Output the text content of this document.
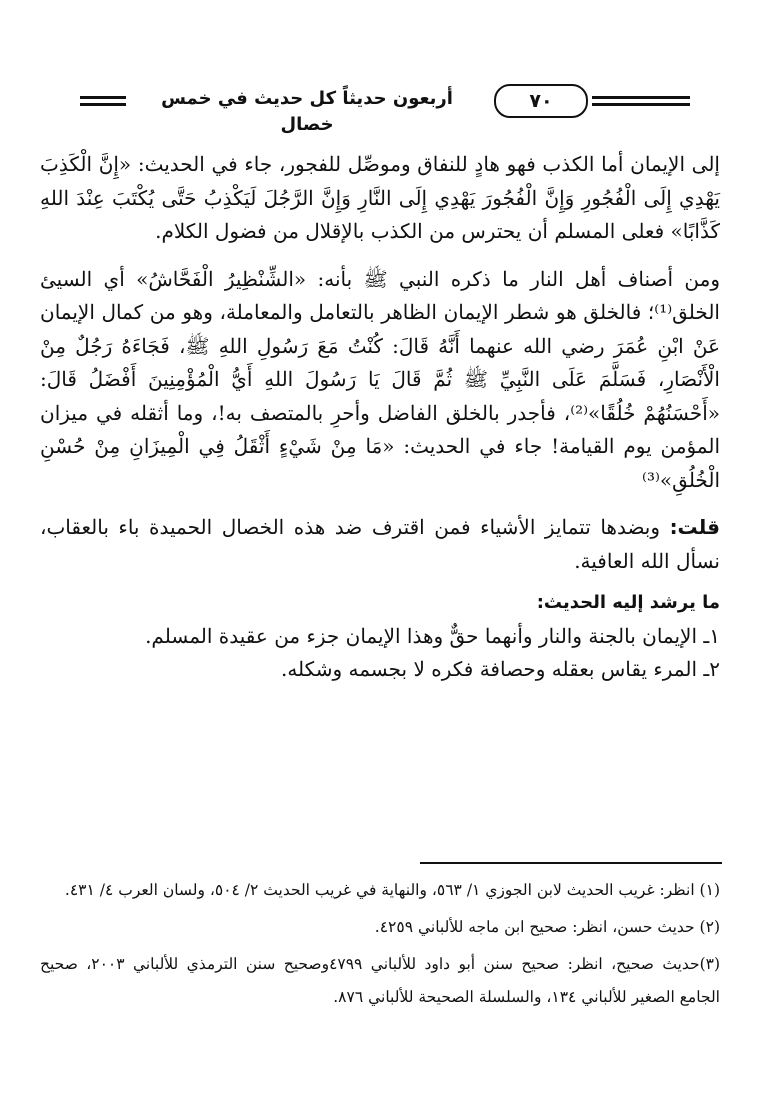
أربعون حديثاً كل حديث في خمس خصال
٧٠

إلى الإيمان أما الكذب فهو هادٍ للنفاق وموصِّل للفجور، جاء في الحديث: «إِنَّ الْكَذِبَ يَهْدِي إِلَى الْفُجُورِ وَإِنَّ الْفُجُورَ يَهْدِي إِلَى النَّارِ وَإِنَّ الرَّجُلَ لَيَكْذِبُ حَتَّى يُكْتَبَ عِنْدَ اللهِ كَذَّابًا» فعلى المسلم أن يحترس من الكذب بالإقلال من فضول الكلام.

ومن أصناف أهل النار ما ذكره النبي ﷺ بأنه: «الشِّنْظِيرُ الْفَحَّاشُ» أي السيئ الخلق⁽¹⁾؛ فالخلق هو شطر الإيمان الظاهر بالتعامل والمعاملة، وهو من كمال الإيمان عَنْ ابْنِ عُمَرَ رضي الله عنهما أَنَّهُ قَالَ: كُنْتُ مَعَ رَسُولِ اللهِ ﷺ، فَجَاءَهُ رَجُلٌ مِنْ الْأَنْصَارِ، فَسَلَّمَ عَلَى النَّبِيِّ ﷺ ثُمَّ قَالَ يَا رَسُولَ اللهِ أَيُّ الْمُؤْمِنِينَ أَفْضَلُ قَالَ: «أَحْسَنُهُمْ خُلُقًا»⁽²⁾، فأجدر بالخلق الفاضل وأحرِ بالمتصف به!، وما أثقله في ميزان المؤمن يوم القيامة! جاء في الحديث: «مَا مِنْ شَيْءٍ أَثْقَلُ فِي الْمِيزَانِ مِنْ حُسْنِ الْخُلُقِ»⁽³⁾

قلت: وبضدها تتمايز الأشياء فمن اقترف ضد هذه الخصال الحميدة باء بالعقاب، نسأل الله العافية.

ما يرشد إليه الحديث:

١ـ الإيمان بالجنة والنار وأنهما حقٌّ وهذا الإيمان جزء من عقيدة المسلم.

٢ـ المرء يقاس بعقله وحصافة فكره لا بجسمه وشكله.

(١) انظر: غريب الحديث لابن الجوزي ١/ ٥٦٣، والنهاية في غريب الحديث ٢/ ٥٠٤، ولسان العرب ٤/ ٤٣١.

(٢) حديث حسن، انظر: صحيح ابن ماجه للألباني ٤٢٥٩.

(٣)حديث صحيح، انظر: صحيح سنن أبو داود للألباني ٤٧٩٩وصحيح سنن الترمذي للألباني ٢٠٠٣، صحيح الجامع الصغير للألباني ١٣٤، والسلسلة الصحيحة للألباني ٨٧٦.
